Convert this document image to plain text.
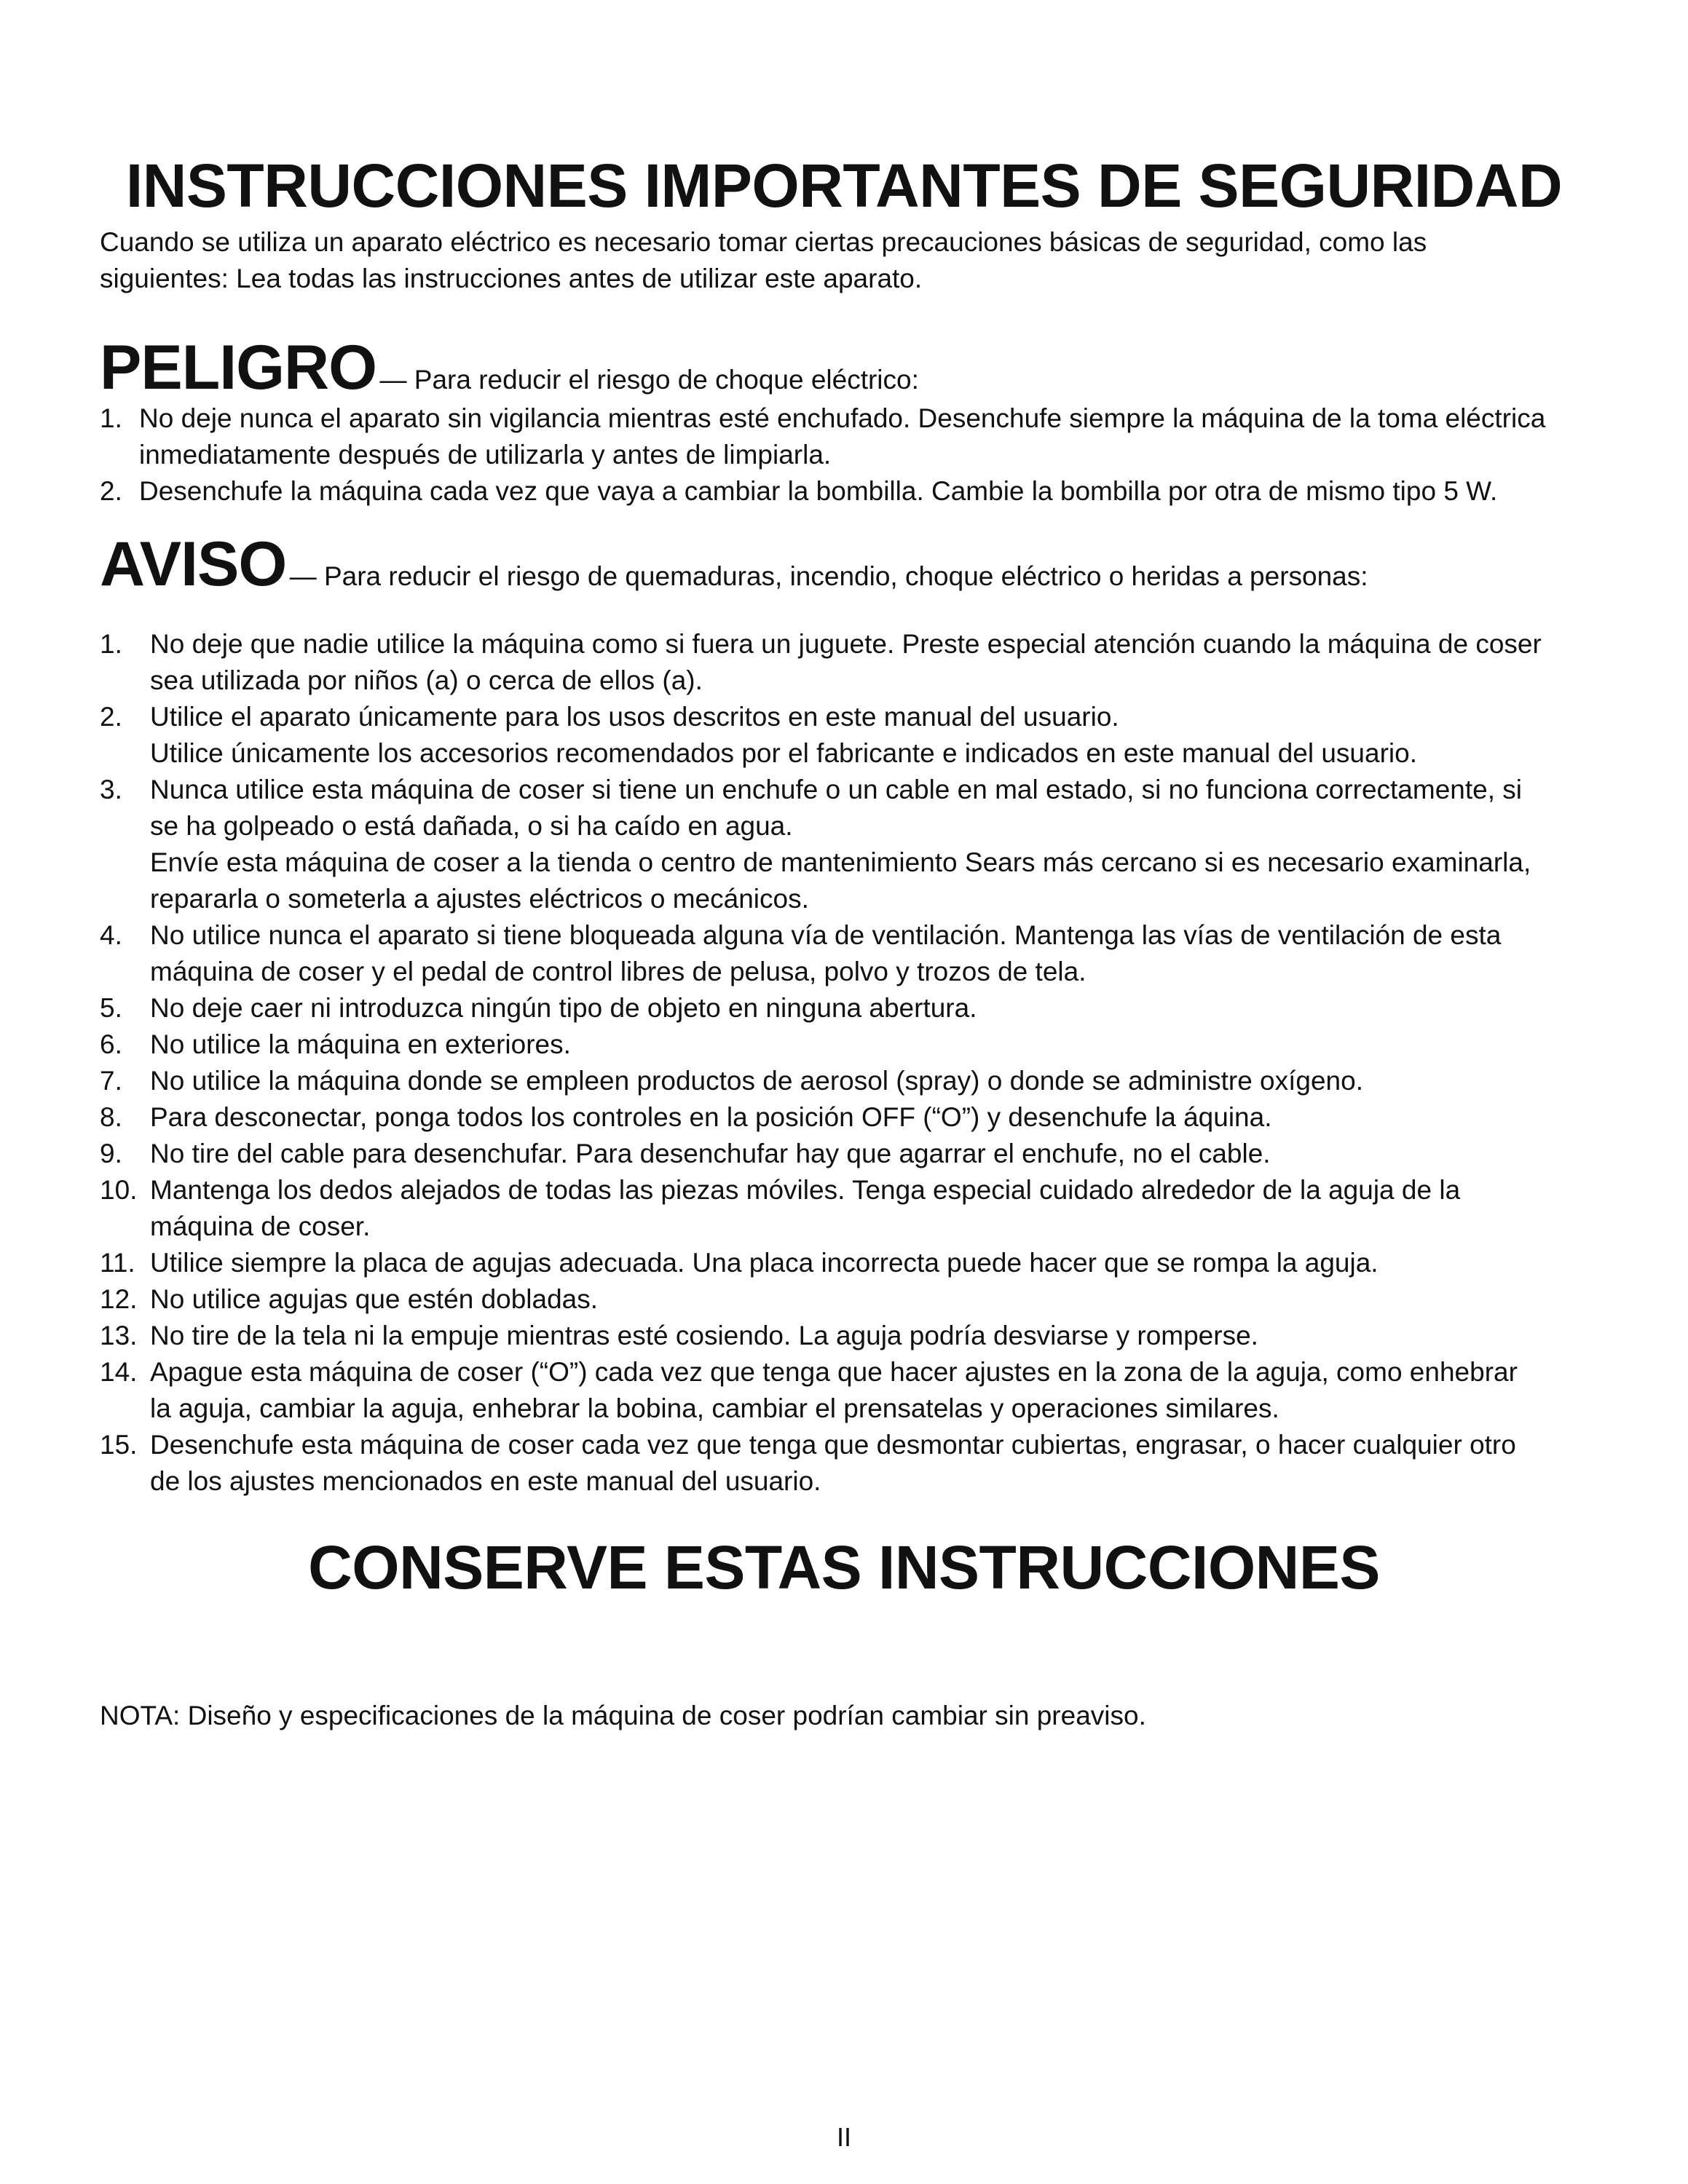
INSTRUCCIONES IMPORTANTES DE SEGURIDAD

Cuando se utiliza un aparato eléctrico es necesario tomar ciertas precauciones básicas de seguridad, como las
siguientes: Lea todas las instrucciones antes de utilizar este aparato.

PELIGRO — Para reducir el riesgo de choque eléctrico:
1. No deje nunca el aparato sin vigilancia mientras esté enchufado. Desenchufe siempre la máquina de la toma eléctrica
inmediatamente después de utilizarla y antes de limpiarla.
2. Desenchufe la máquina cada vez que vaya a cambiar la bombilla. Cambie la bombilla por otra de mismo tipo 5 W.
AVISO — Para reducir el riesgo de quemaduras, incendio, choque eléctrico o heridas a personas:
1. No deje que nadie utilice la máquina como si fuera un juguete. Preste especial atención cuando la máquina de coser
sea utilizada por niños (a) o cerca de ellos (a).
2. Utilice el aparato únicamente para los usos descritos en este manual del usuario.
Utilice únicamente los accesorios recomendados por el fabricante e indicados en este manual del usuario.
3. Nunca utilice esta máquina de coser si tiene un enchufe o un cable en mal estado, si no funciona correctamente, si
se ha golpeado o está dañada, o si ha caído en agua.
Envíe esta máquina de coser a la tienda o centro de mantenimiento Sears más cercano si es necesario examinarla,
repararla o someterla a ajustes eléctricos o mecánicos.
4. No utilice nunca el aparato si tiene bloqueada alguna vía de ventilación. Mantenga las vías de ventilación de esta
máquina de coser y el pedal de control libres de pelusa, polvo y trozos de tela.
5. No deje caer ni introduzca ningún tipo de objeto en ninguna abertura.
6. No utilice la máquina en exteriores.
7. No utilice la máquina donde se empleen productos de aerosol (spray) o donde se administre oxígeno.
8. Para desconectar, ponga todos los controles en la posición OFF (“O”) y desenchufe la áquina.
9. No tire del cable para desenchufar. Para desenchufar hay que agarrar el enchufe, no el cable.
10. Mantenga los dedos alejados de todas las piezas móviles. Tenga especial cuidado alrededor de la aguja de la
máquina de coser.
11. Utilice siempre la placa de agujas adecuada. Una placa incorrecta puede hacer que se rompa la aguja.
12. No utilice agujas que estén dobladas.
13. No tire de la tela ni la empuje mientras esté cosiendo. La aguja podría desviarse y romperse.
14. Apague esta máquina de coser (“O”) cada vez que tenga que hacer ajustes en la zona de la aguja, como enhebrar
la aguja, cambiar la aguja, enhebrar la bobina, cambiar el prensatelas y operaciones similares.
15. Desenchufe esta máquina de coser cada vez que tenga que desmontar cubiertas, engrasar, o hacer cualquier otro
de los ajustes mencionados en este manual del usuario.
CONSERVE ESTAS INSTRUCCIONES

NOTA: Diseño y especificaciones de la máquina de coser podrían cambiar sin preaviso.

II
